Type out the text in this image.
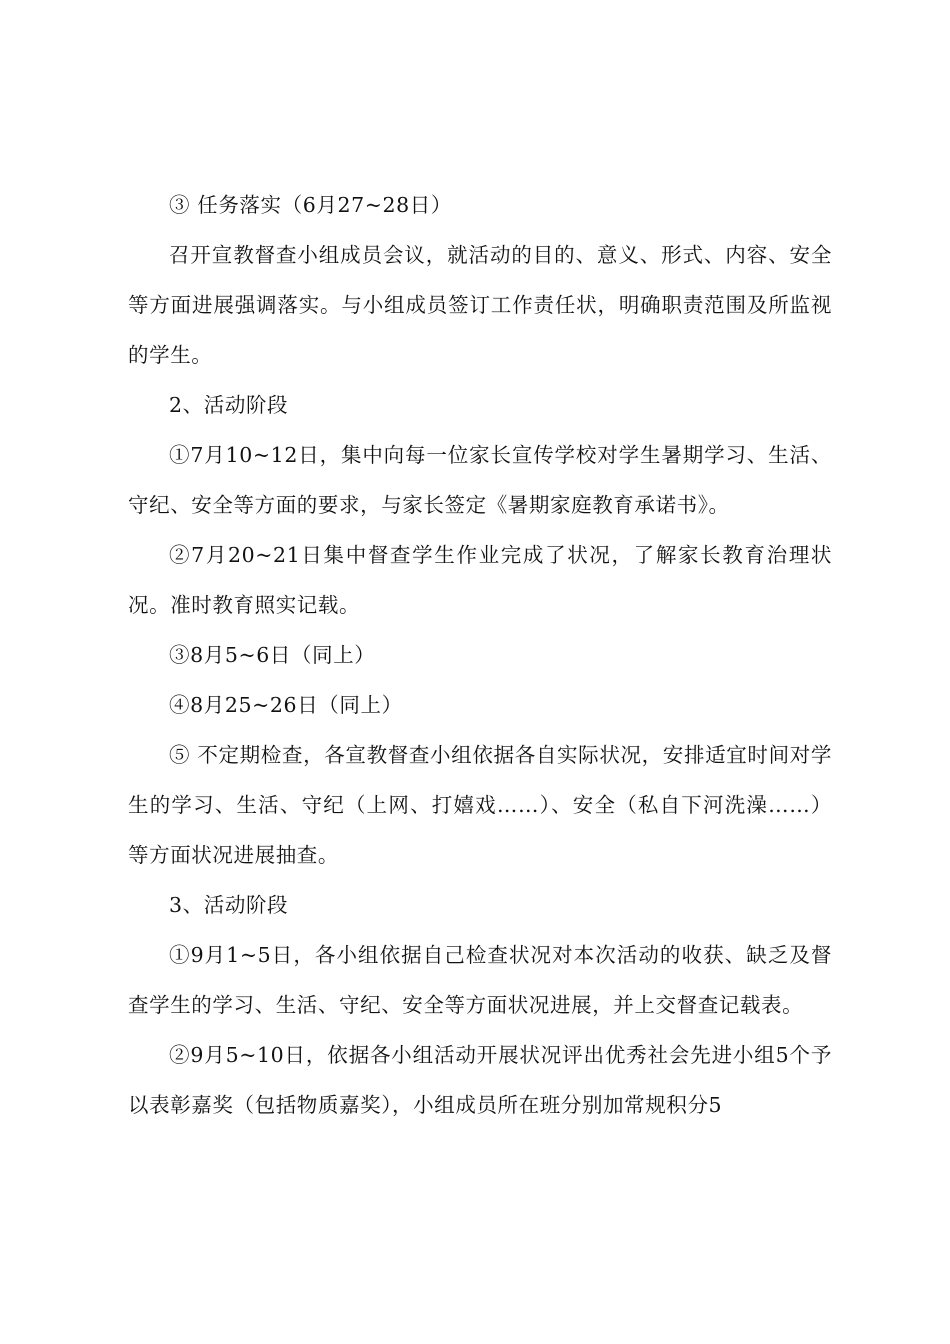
③ 任务落实（6月27~28日）

召开宣教督查小组成员会议，就活动的目的、意义、形式、内容、安全等方面进展强调落实。与小组成员签订工作责任状，明确职责范围及所监视的学生。

2、活动阶段

①7月10~12日，集中向每一位家长宣传学校对学生暑期学习、生活、守纪、安全等方面的要求，与家长签定《暑期家庭教育承诺书》。

②7月20~21日集中督查学生作业完成了状况，了解家长教育治理状况。准时教育照实记载。

③8月5~6日（同上）

④8月25~26日（同上）

⑤ 不定期检查，各宣教督查小组依据各自实际状况，安排适宜时间对学生的学习、生活、守纪（上网、打嬉戏……）、安全（私自下河洗澡……）等方面状况进展抽查。

3、活动阶段

①9月1~5日，各小组依据自己检查状况对本次活动的收获、缺乏及督查学生的学习、生活、守纪、安全等方面状况进展，并上交督查记载表。

②9月5~10日，依据各小组活动开展状况评出优秀社会先进小组5个予以表彰嘉奖（包括物质嘉奖），小组成员所在班分别加常规积分5
